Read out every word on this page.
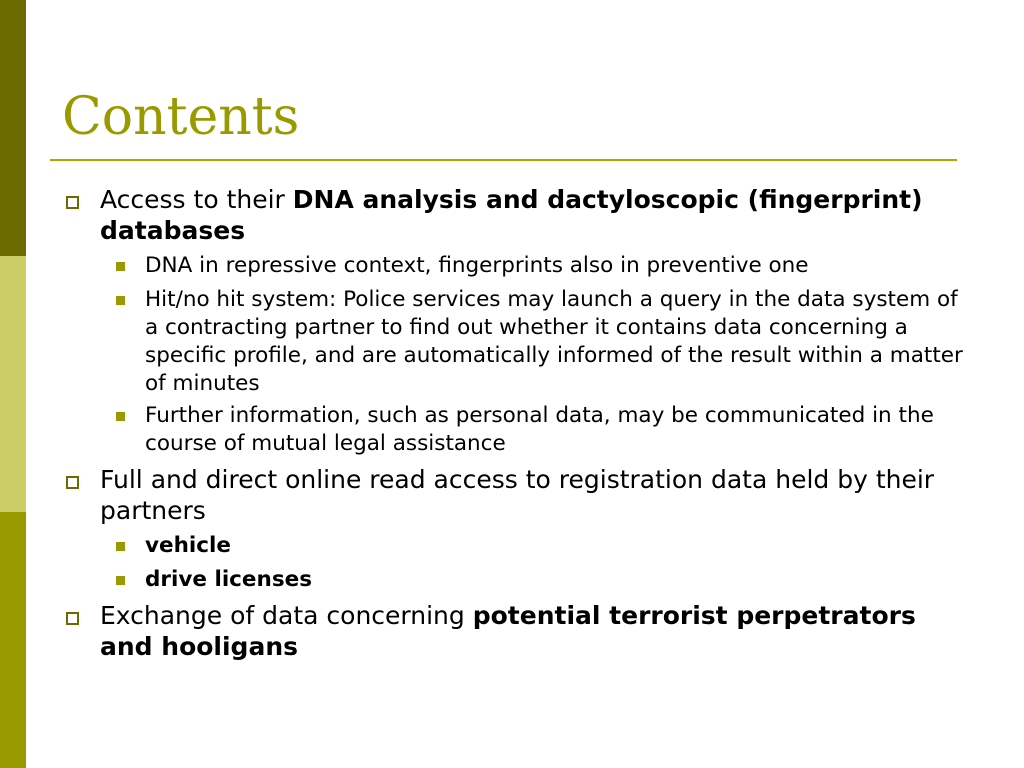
Contents
Access to their DNA analysis and dactyloscopic (fingerprint) databases
DNA in repressive context, fingerprints also in preventive one
Hit/no hit system: Police services may launch a query in the data system of a contracting partner to find out whether it contains data concerning a specific profile, and are automatically informed of the result within a matter of minutes
Further information, such as personal data, may be communicated in the course of mutual legal assistance
Full and direct online read access to registration data held by their partners
vehicle
drive licenses
Exchange of data concerning potential terrorist perpetrators and hooligans
